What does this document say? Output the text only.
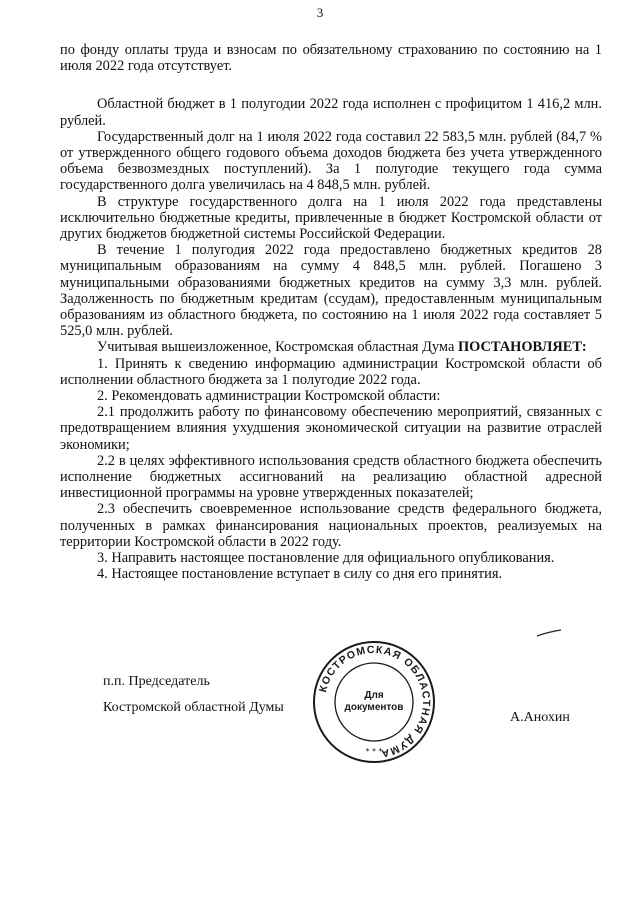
3

по фонду оплаты труда и взносам по обязательному страхованию по состоянию на 1 июля 2022 года отсутствует.

Областной бюджет в 1 полугодии 2022 года исполнен с профицитом 1 416,2 млн. рублей.

Государственный долг на 1 июля 2022 года составил 22 583,5 млн. рублей (84,7 % от утвержденного общего годового объема доходов бюджета без учета утвержденного объема безвозмездных поступлений). За 1 полугодие текущего года сумма государственного долга увеличилась на 4 848,5 млн. рублей.

В структуре государственного долга на 1 июля 2022 года представлены исключительно бюджетные кредиты, привлеченные в бюджет Костромской области от других бюджетов бюджетной системы Российской Федерации.

В течение 1 полугодия 2022 года предоставлено бюджетных кредитов 28 муниципальным образованиям на сумму 4 848,5 млн. рублей. Погашено 3 муниципальными образованиями бюджетных кредитов на сумму 3,3 млн. рублей. Задолженность по бюджетным кредитам (ссудам), предоставленным муниципальным образованиям из областного бюджета, по состоянию на 1 июля 2022 года составляет 5 525,0 млн. рублей.

Учитывая вышеизложенное, Костромская областная Дума ПОСТАНОВЛЯЕТ:

1. Принять к сведению информацию администрации Костромской области об исполнении областного бюджета за 1 полугодие 2022 года.

2. Рекомендовать администрации Костромской области:

2.1 продолжить работу по финансовому обеспечению мероприятий, связанных с предотвращением влияния ухудшения экономической ситуации на развитие отраслей экономики;

2.2 в целях эффективного использования средств областного бюджета обеспечить исполнение бюджетных ассигнований на реализацию областной адресной инвестиционной программы на уровне утвержденных показателей;

2.3 обеспечить своевременное использование средств федерального бюджета, полученных в рамках финансирования национальных проектов, реализуемых на территории Костромской области в 2022 году.

3. Направить настоящее постановление для официального опубликования.

4. Настоящее постановление вступает в силу со дня его принятия.

п.п. Председатель
Костромской областной Думы
КОСТРОМСКАЯ ОБЛАСТНАЯ ДУМА
Для
документов
* * *
А.Анохин
